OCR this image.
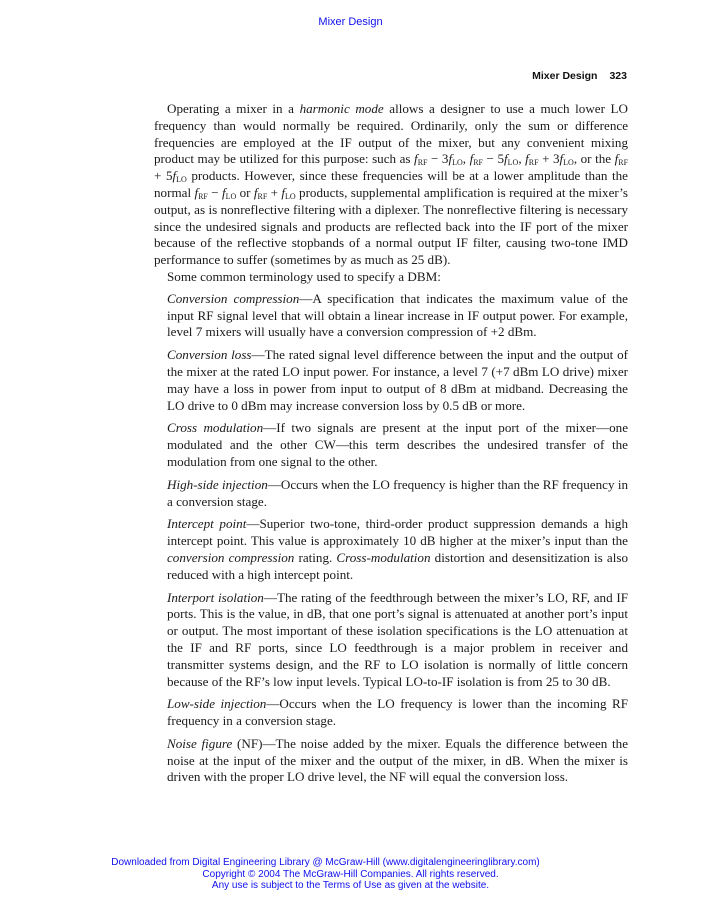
Mixer Design
Mixer Design 323

Operating a mixer in a harmonic mode allows a designer to use a much lower LO frequency than would normally be required. Ordinarily, only the sum or difference frequencies are employed at the IF output of the mixer, but any convenient mixing product may be utilized for this purpose: such as $f_{RF} - 3f_{LO}$, $f_{RF} - 5f_{LO}$, $f_{RF} + 3f_{LO}$, or the $f_{RF} + 5f_{LO}$ products. However, since these frequencies will be at a lower amplitude than the normal $f_{RF} - f_{LO}$ or $f_{RF} + f_{LO}$ products, supplemental amplification is required at the mixer’s output, as is nonreflective filtering with a diplexer. The nonreflective filtering is necessary since the undesired signals and products are reflected back into the IF port of the mixer because of the reflective stopbands of a normal output IF filter, causing two-tone IMD performance to suffer (sometimes by as much as 25 dB).

Some common terminology used to specify a DBM:

Conversion compression—A specification that indicates the maximum value of the input RF signal level that will obtain a linear increase in IF output power. For example, level 7 mixers will usually have a conversion compression of +2 dBm.

Conversion loss—The rated signal level difference between the input and the output of the mixer at the rated LO input power. For instance, a level 7 (+7 dBm LO drive) mixer may have a loss in power from input to output of 8 dBm at midband. Decreasing the LO drive to 0 dBm may increase conversion loss by 0.5 dB or more.

Cross modulation—If two signals are present at the input port of the mixer—one modulated and the other CW—this term describes the undesired transfer of the modulation from one signal to the other.

High-side injection—Occurs when the LO frequency is higher than the RF frequency in a conversion stage.

Intercept point—Superior two-tone, third-order product suppression demands a high intercept point. This value is approximately 10 dB higher at the mixer’s input than the conversion compression rating. Cross-modulation distortion and desensitization is also reduced with a high intercept point.

Interport isolation—The rating of the feedthrough between the mixer’s LO, RF, and IF ports. This is the value, in dB, that one port’s signal is attenuated at another port’s input or output. The most important of these isolation specifications is the LO attenuation at the IF and RF ports, since LO feedthrough is a major problem in receiver and transmitter systems design, and the RF to LO isolation is normally of little concern because of the RF’s low input levels. Typical LO-to-IF isolation is from 25 to 30 dB.

Low-side injection—Occurs when the LO frequency is lower than the incoming RF frequency in a conversion stage.

Noise figure (NF)—The noise added by the mixer. Equals the difference between the noise at the input of the mixer and the output of the mixer, in dB. When the mixer is driven with the proper LO drive level, the NF will equal the conversion loss.

Downloaded from Digital Engineering Library @ McGraw-Hill (www.digitalengineeringlibrary.com)
Copyright © 2004 The McGraw-Hill Companies. All rights reserved.
Any use is subject to the Terms of Use as given at the website.
